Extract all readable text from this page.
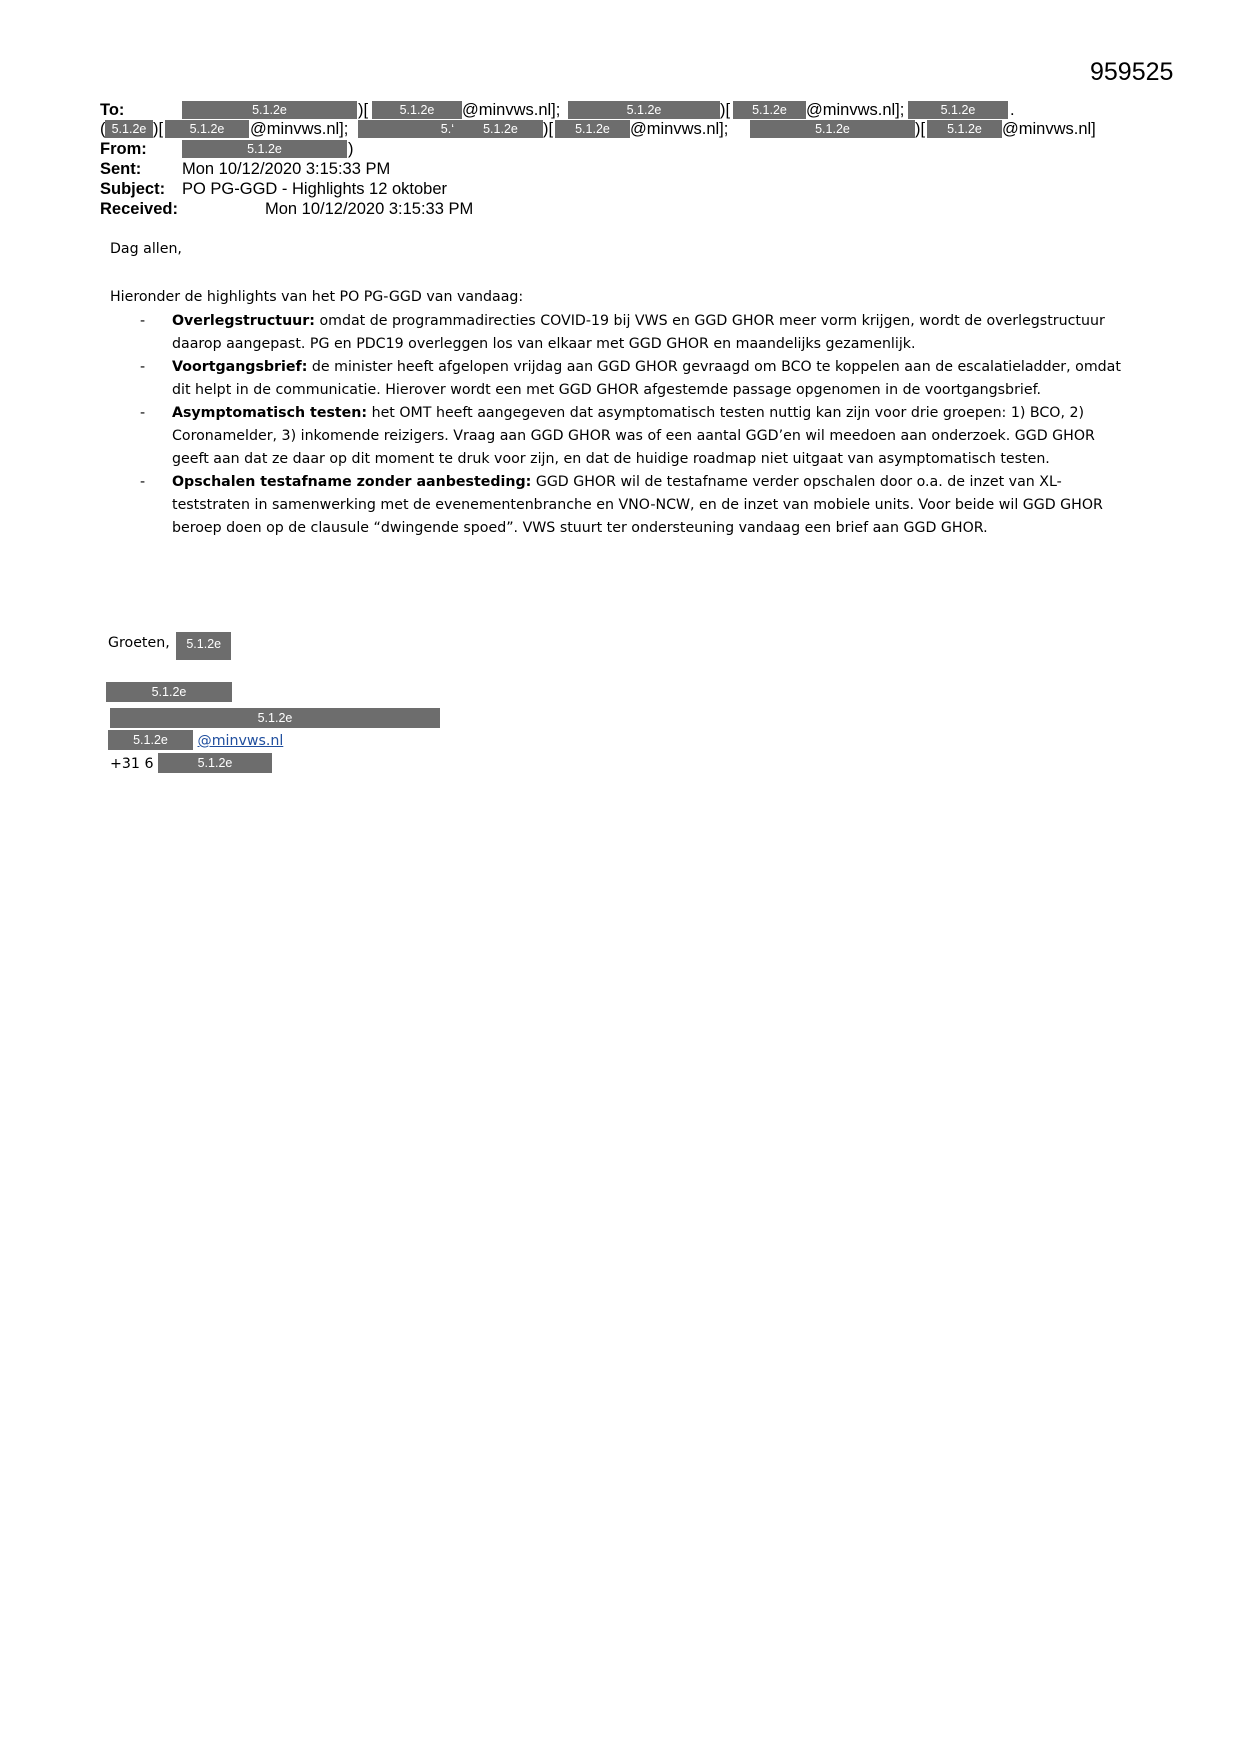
959525
To:	5.1.2e	)[	5.1.2e	@minvws.nl];	5.1.2e	)[	5.1.2e	@minvws.nl];	5.1.2e	.
( 5.1.2e )[	5.1.2e	@minvws.nl];	5.‘	5.1.2e	)[	5.1.2e	@minvws.nl];	5.1.2e	)[	5.1.2e	@minvws.nl]
From:	5.1.2e	)
Sent: Mon 10/12/2020 3:15:33 PM
Subject: PO PG-GGD - Highlights 12 oktober
Received:	Mon 10/12/2020 3:15:33 PM
Dag allen,
Hieronder de highlights van het PO PG-GGD van vandaag:
- Overlegstructuur: omdat de programmadirecties COVID-19 bij VWS en GGD GHOR meer vorm krijgen, wordt de overlegstructuur daarop aangepast. PG en PDC19 overleggen los van elkaar met GGD GHOR en maandelijks gezamenlijk.
- Voortgangsbrief: de minister heeft afgelopen vrijdag aan GGD GHOR gevraagd om BCO te koppelen aan de escalatieladder, omdat dit helpt in de communicatie. Hierover wordt een met GGD GHOR afgestemde passage opgenomen in de voortgangsbrief.
- Asymptomatisch testen: het OMT heeft aangegeven dat asymptomatisch testen nuttig kan zijn voor drie groepen: 1) BCO, 2) Coronamelder, 3) inkomende reizigers. Vraag aan GGD GHOR was of een aantal GGD’en wil meedoen aan onderzoek. GGD GHOR geeft aan dat ze daar op dit moment te druk voor zijn, en dat de huidige roadmap niet uitgaat van asymptomatisch testen.
- Opschalen testafname zonder aanbesteding: GGD GHOR wil de testafname verder opschalen door o.a. de inzet van XL-teststraten in samenwerking met de evenementenbranche en VNO-NCW, en de inzet van mobiele units. Voor beide wil GGD GHOR beroep doen op de clausule “dwingende spoed”. VWS stuurt ter ondersteuning vandaag een brief aan GGD GHOR.
Groeten, 5.1.2e
5.1.2e
5.1.2e
5.1.2e @minvws.nl
+31 6	5.1.2e
